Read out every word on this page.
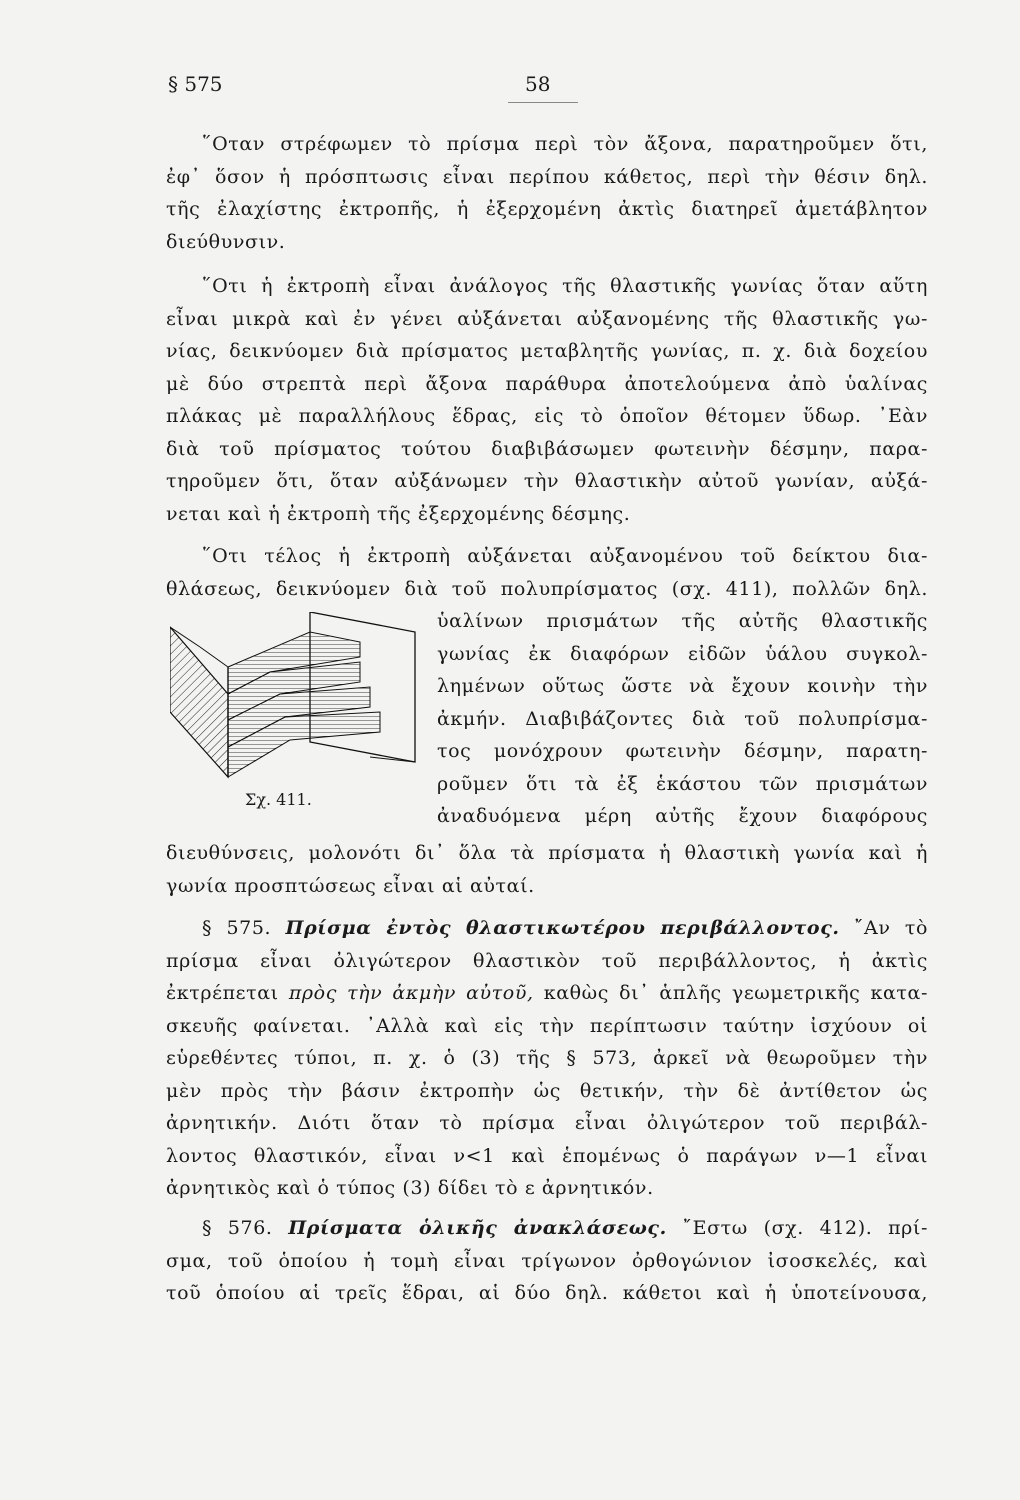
§ 575	58
῞Οταν στρέφωμεν τὸ πρίσμα περὶ τὸν ἄξονα, παρατηροῦμεν ὅτι,
ἐφ᾽ ὅσον ἡ πρόσπτωσις εἶναι περίπου κάθετος, περὶ τὴν θέσιν δηλ.
τῆς ἐλαχίστης ἐκτροπῆς, ἡ ἐξερχομένη ἀκτὶς διατηρεῖ ἀμετάβλητον
διεύθυνσιν.
῞Οτι ἡ ἐκτροπὴ εἶναι ἀνάλογος τῆς θλαστικῆς γωνίας ὅταν αὕτη
εἶναι μικρὰ καὶ ἐν γένει αὐξάνεται αὐξανομένης τῆς θλαστικῆς γω-
νίας, δεικνύομεν διὰ πρίσματος μεταβλητῆς γωνίας, π. χ. διὰ δοχείου
μὲ δύο στρεπτὰ περὶ ἄξονα παράθυρα ἀποτελούμενα ἀπὸ ὑαλίνας
πλάκας μὲ παραλλήλους ἕδρας, εἰς τὸ ὁποῖον θέτομεν ὕδωρ. ᾿Εὰν
διὰ τοῦ πρίσματος τούτου διαβιβάσωμεν φωτεινὴν δέσμην, παρα-
τηροῦμεν ὅτι, ὅταν αὐξάνωμεν τὴν θλαστικὴν αὐτοῦ γωνίαν, αὐξά-
νεται καὶ ἡ ἐκτροπὴ τῆς ἐξερχομένης δέσμης.
῞Οτι τέλος ἡ ἐκτροπὴ αὐξάνεται αὐξανομένου τοῦ δείκτου δια-
θλάσεως, δεικνύομεν διὰ τοῦ πολυπρίσματος (σχ. 411), πολλῶν δηλ.
ὑαλίνων πρισμάτων τῆς αὐτῆς θλαστικῆς
γωνίας ἐκ διαφόρων εἰδῶν ὑάλου συγκολ-
λημένων οὕτως ὥστε νὰ ἔχουν κοινὴν τὴν
ἀκμήν. Διαβιβάζοντες διὰ τοῦ πολυπρίσμα-
τος μονόχρουν φωτεινὴν δέσμην, παρατη-
ροῦμεν ὅτι τὰ ἐξ ἑκάστου τῶν πρισμάτων
ἀναδυόμενα μέρη αὐτῆς ἔχουν διαφόρους
Σχ. 411.
διευθύνσεις, μολονότι δι᾽ ὅλα τὰ πρίσματα ἡ θλαστικὴ γωνία καὶ ἡ
γωνία προσπτώσεως εἶναι αἱ αὐταί.
§ 575. Πρίσμα ἐντὸς θλαστικωτέρου περιβάλλοντος. ῎Αν τὸ
πρίσμα εἶναι ὀλιγώτερον θλαστικὸν τοῦ περιβάλλοντος, ἡ ἀκτὶς
ἐκτρέπεται πρὸς τὴν ἀκμὴν αὐτοῦ, καθὼς δι᾽ ἁπλῆς γεωμετρικῆς κατα-
σκευῆς φαίνεται. ᾿Αλλὰ καὶ εἰς τὴν περίπτωσιν ταύτην ἰσχύουν οἱ
εὑρεθέντες τύποι, π. χ. ὁ (3) τῆς § 573, ἀρκεῖ νὰ θεωροῦμεν τὴν
μὲν πρὸς τὴν βάσιν ἐκτροπὴν ὡς θετικήν, τὴν δὲ ἀντίθετον ὡς
ἀρνητικήν. Διότι ὅταν τὸ πρίσμα εἶναι ὀλιγώτερον τοῦ περιβάλ-
λοντος θλαστικόν, εἶναι ν<1 καὶ ἑπομένως ὁ παράγων ν—1 εἶναι
ἀρνητικὸς καὶ ὁ τύπος (3) δίδει τὸ ε ἀρνητικόν.
§ 576. Πρίσματα ὁλικῆς ἀνακλάσεως. ῎Εστω (σχ. 412). πρί-
σμα, τοῦ ὁποίου ἡ τομὴ εἶναι τρίγωνον ὀρθογώνιον ἰσοσκελές, καὶ
τοῦ ὁποίου αἱ τρεῖς ἕδραι, αἱ δύο δηλ. κάθετοι καὶ ἡ ὑποτείνουσα,
